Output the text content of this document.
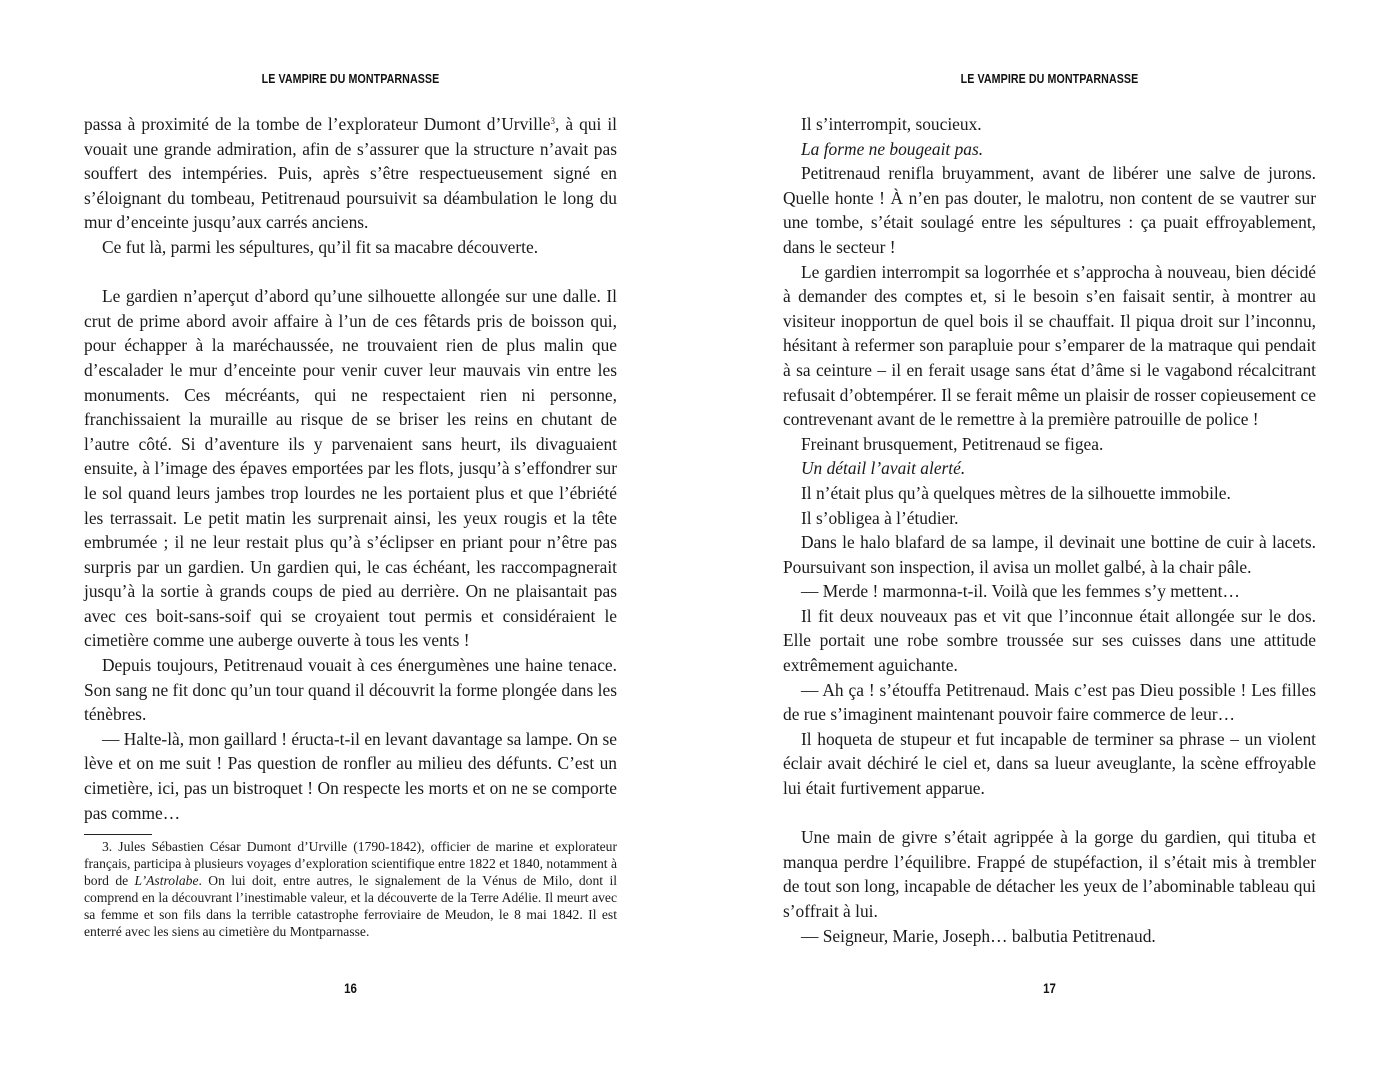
LE VAMPIRE DU MONTPARNASSE

passa à proximité de la tombe de l’explorateur Dumont d’Urville$^3$, à qui il vouait une grande admiration, afin de s’assurer que la structure n’avait pas souffert des intempéries. Puis, après s’être respectueusement signé en s’éloignant du tombeau, Petitrenaud poursuivit sa déambulation le long du mur d’enceinte jusqu’aux carrés anciens.

Ce fut là, parmi les sépultures, qu’il fit sa macabre découverte.

Le gardien n’aperçut d’abord qu’une silhouette allongée sur une dalle. Il crut de prime abord avoir affaire à l’un de ces fêtards pris de boisson qui, pour échapper à la maréchaussée, ne trouvaient rien de plus malin que d’escalader le mur d’enceinte pour venir cuver leur mauvais vin entre les monuments. Ces mécréants, qui ne respectaient rien ni personne, franchissaient la muraille au risque de se briser les reins en chutant de l’autre côté. Si d’aventure ils y parvenaient sans heurt, ils divaguaient ensuite, à l’image des épaves emportées par les flots, jusqu’à s’effondrer sur le sol quand leurs jambes trop lourdes ne les portaient plus et que l’ébriété les terrassait. Le petit matin les surprenait ainsi, les yeux rougis et la tête embrumée ; il ne leur restait plus qu’à s’éclipser en priant pour n’être pas surpris par un gardien. Un gardien qui, le cas échéant, les raccompagnerait jusqu’à la sortie à grands coups de pied au derrière. On ne plaisantait pas avec ces boit-sans-soif qui se croyaient tout permis et considéraient le cimetière comme une auberge ouverte à tous les vents !

Depuis toujours, Petitrenaud vouait à ces énergumènes une haine tenace. Son sang ne fit donc qu’un tour quand il découvrit la forme plongée dans les ténèbres.

— Halte-là, mon gaillard ! éructa-t-il en levant davantage sa lampe. On se lève et on me suit ! Pas question de ronfler au milieu des défunts. C’est un cimetière, ici, pas un bistroquet ! On respecte les morts et on ne se comporte pas comme…

3. Jules Sébastien César Dumont d’Urville (1790-1842), officier de marine et explorateur français, participa à plusieurs voyages d’exploration scientifique entre 1822 et 1840, notamment à bord de L’Astrolabe. On lui doit, entre autres, le signalement de la Vénus de Milo, dont il comprend en la découvrant l’inestimable valeur, et la découverte de la Terre Adélie. Il meurt avec sa femme et son fils dans la terrible catastrophe ferroviaire de Meudon, le 8 mai 1842. Il est enterré avec les siens au cimetière du Montparnasse.

16
LE VAMPIRE DU MONTPARNASSE

Il s’interrompit, soucieux.

La forme ne bougeait pas.

Petitrenaud renifla bruyamment, avant de libérer une salve de jurons. Quelle honte ! À n’en pas douter, le malotru, non content de se vautrer sur une tombe, s’était soulagé entre les sépultures : ça puait effroyablement, dans le secteur !

Le gardien interrompit sa logorrhée et s’approcha à nouveau, bien décidé à demander des comptes et, si le besoin s’en faisait sentir, à montrer au visiteur inopportun de quel bois il se chauffait. Il piqua droit sur l’inconnu, hésitant à refermer son parapluie pour s’emparer de la matraque qui pendait à sa ceinture – il en ferait usage sans état d’âme si le vagabond récalcitrant refusait d’obtempérer. Il se ferait même un plaisir de rosser copieusement ce contrevenant avant de le remettre à la première patrouille de police !

Freinant brusquement, Petitrenaud se figea.

Un détail l’avait alerté.

Il n’était plus qu’à quelques mètres de la silhouette immobile.

Il s’obligea à l’étudier.

Dans le halo blafard de sa lampe, il devinait une bottine de cuir à lacets. Poursuivant son inspection, il avisa un mollet galbé, à la chair pâle.

— Merde ! marmonna-t-il. Voilà que les femmes s’y mettent…

Il fit deux nouveaux pas et vit que l’inconnue était allongée sur le dos. Elle portait une robe sombre troussée sur ses cuisses dans une attitude extrêmement aguichante.

— Ah ça ! s’étouffa Petitrenaud. Mais c’est pas Dieu possible ! Les filles de rue s’imaginent maintenant pouvoir faire commerce de leur…

Il hoqueta de stupeur et fut incapable de terminer sa phrase – un violent éclair avait déchiré le ciel et, dans sa lueur aveuglante, la scène effroyable lui était furtivement apparue.

Une main de givre s’était agrippée à la gorge du gardien, qui tituba et manqua perdre l’équilibre. Frappé de stupéfaction, il s’était mis à trembler de tout son long, incapable de détacher les yeux de l’abominable tableau qui s’offrait à lui.

— Seigneur, Marie, Joseph… balbutia Petitrenaud.

17
